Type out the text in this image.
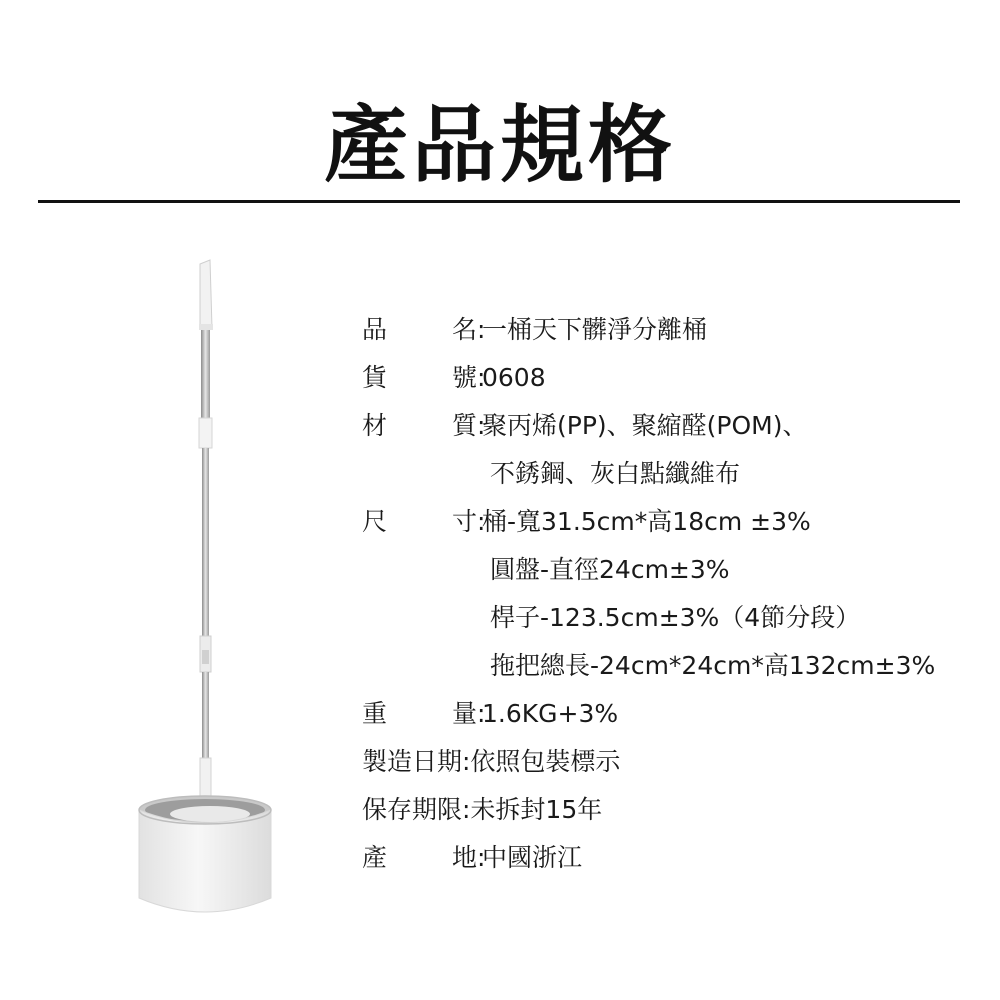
產品規格
品	名:
一桶天下髒淨分離桶
貨	號:
0608
材	質:
聚丙烯(PP)、聚縮醛(POM)、
不銹鋼、灰白點纖維布
尺	寸:
桶-寬31.5cm*高18cm ±3%
圓盤-直徑24cm±3%
桿子-123.5cm±3%（4節分段）
拖把總長-24cm*24cm*高132cm±3%
重	量:
1.6KG+3%
製造日期:依照包裝標示
保存期限:未拆封15年
產	地:
中國浙江
